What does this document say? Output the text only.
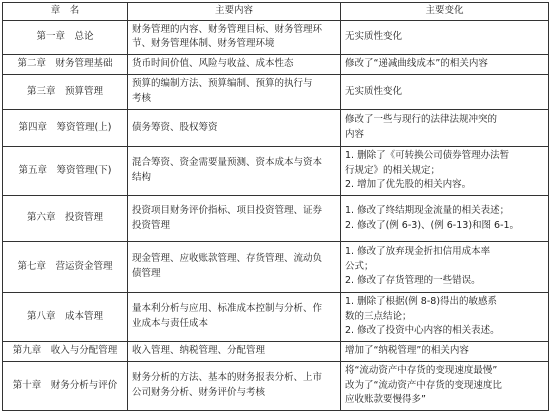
章　名	主要内容	主要变化
第一章　总论	财务管理的内容、财务管理目标、财务管理环
节、财务管理体制、财务管理环境	无实质性变化

第二章　财务管理基础	货币时间价值、风险与收益、成本性态	修改了“递减曲线成本”的相关内容

第三章　预算管理	预算的编制方法、预算编制、预算的执行与
考核	无实质性变化

第四章　筹资管理(上)	债务筹资、股权筹资	修改了一些与现行的法律法规冲突的
内容

第五章　筹资管理(下)	混合筹资、资金需要量预测、资本成本与资本
结构	1. 删除了《可转换公司债券管理办法暂
行规定》的相关规定；
2. 增加了优先股的相关内容。

第六章　投资管理	投资项目财务评价指标、项目投资管理、证券
投资管理	1. 修改了终结期现金流量的相关表述；
2. 修改了(例 6-3)、(例 6-13)和图 6-1。

第七章　营运资金管理	现金管理、应收账款管理、存货管理、流动负
债管理	1. 修改了放弃现金折扣信用成本率
公式；
2. 修改了存货管理的一些错误。

第八章　成本管理	量本利分析与应用、标准成本控制与分析、作
业成本与责任成本	1. 删除了根据(例 8-8)得出的敏感系
数的三点结论；
2. 修改了投资中心内容的相关表述。

第九章　收入与分配管理	收入管理、纳税管理、分配管理	增加了“纳税管理”的相关内容

第十章　财务分析与评价	财务分析的方法、基本的财务报表分析、上市
公司财务分析、财务评价与考核	将“流动资产中存货的变现速度最慢”
改为了“流动资产中存货的变现速度比
应收账款要慢得多”
